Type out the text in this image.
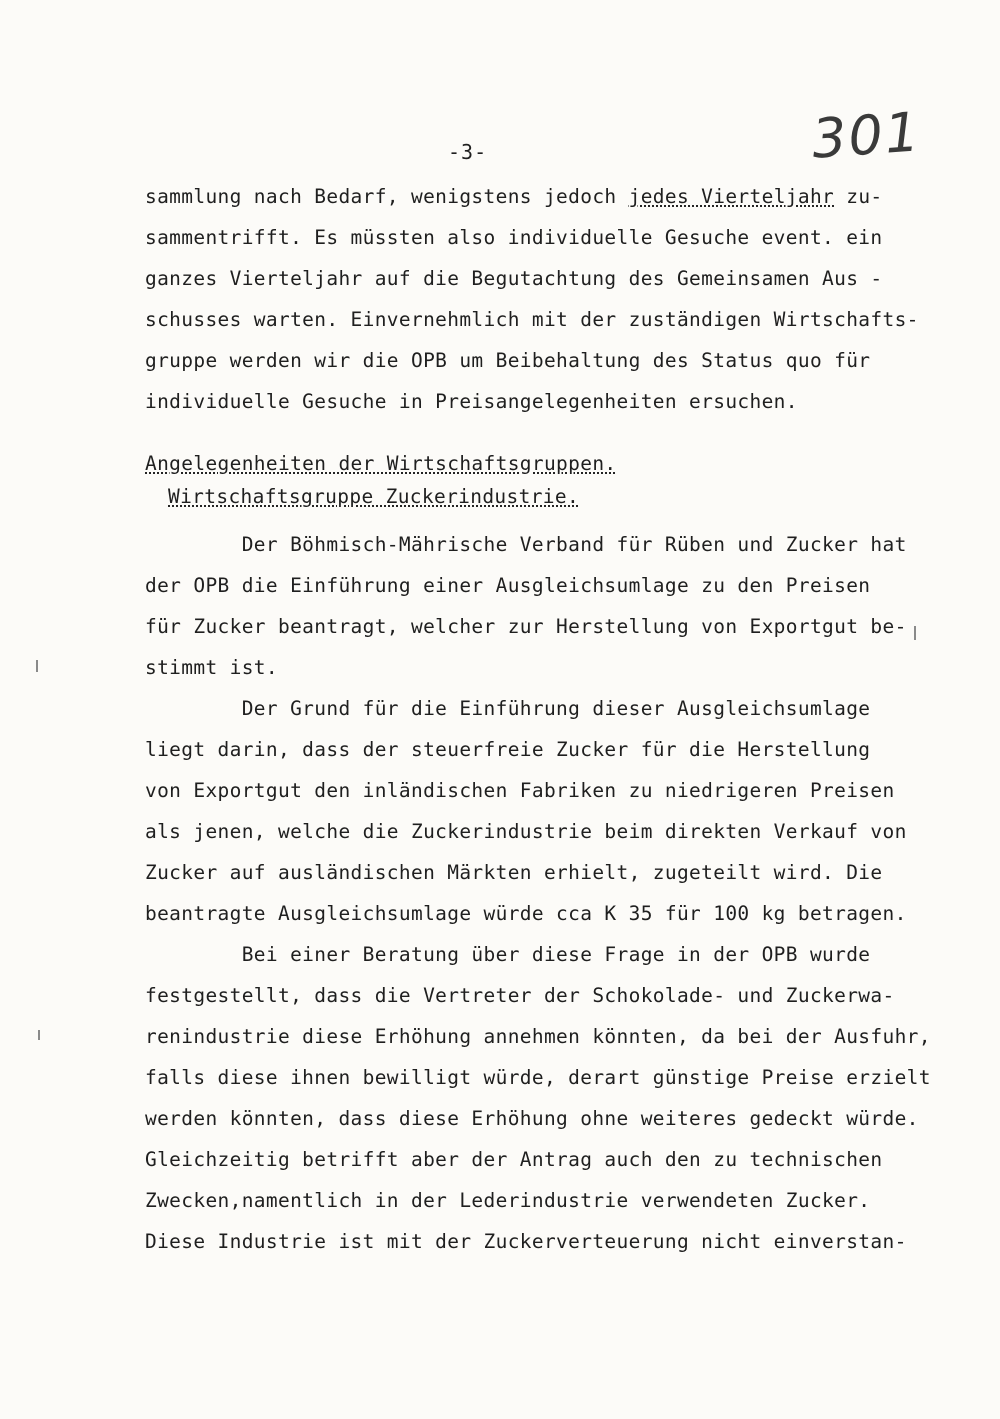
-3-	301
sammlung nach Bedarf, wenigstens jedoch jedes Vierteljahr zu-
sammentrifft. Es müssten also individuelle Gesuche event. ein
ganzes Vierteljahr auf die Begutachtung des Gemeinsamen Aus -
schusses warten. Einvernehmlich mit der zuständigen Wirtschafts-
gruppe werden wir die OPB um Beibehaltung des Status quo für
individuelle Gesuche in Preisangelegenheiten ersuchen.
Angelegenheiten der Wirtschaftsgruppen.
Wirtschaftsgruppe Zuckerindustrie.
Der Böhmisch-Mährische Verband für Rüben und Zucker hat
der OPB die Einführung einer Ausgleichsumlage zu den Preisen
für Zucker beantragt, welcher zur Herstellung von Exportgut be-
stimmt ist.
Der Grund für die Einführung dieser Ausgleichsumlage
liegt darin, dass der steuerfreie Zucker für die Herstellung
von Exportgut den inländischen Fabriken zu niedrigeren Preisen
als jenen, welche die Zuckerindustrie beim direkten Verkauf von
Zucker auf ausländischen Märkten erhielt, zugeteilt wird. Die
beantragte Ausgleichsumlage würde cca K 35 für 100 kg betragen.
Bei einer Beratung über diese Frage in der OPB wurde
festgestellt, dass die Vertreter der Schokolade- und Zuckerwa-
renindustrie diese Erhöhung annehmen könnten, da bei der Ausfuhr,
falls diese ihnen bewilligt würde, derart günstige Preise erzielt
werden könnten, dass diese Erhöhung ohne weiteres gedeckt würde.
Gleichzeitig betrifft aber der Antrag auch den zu technischen
Zwecken,namentlich in der Lederindustrie verwendeten Zucker.
Diese Industrie ist mit der Zuckerverteuerung nicht einverstan-
